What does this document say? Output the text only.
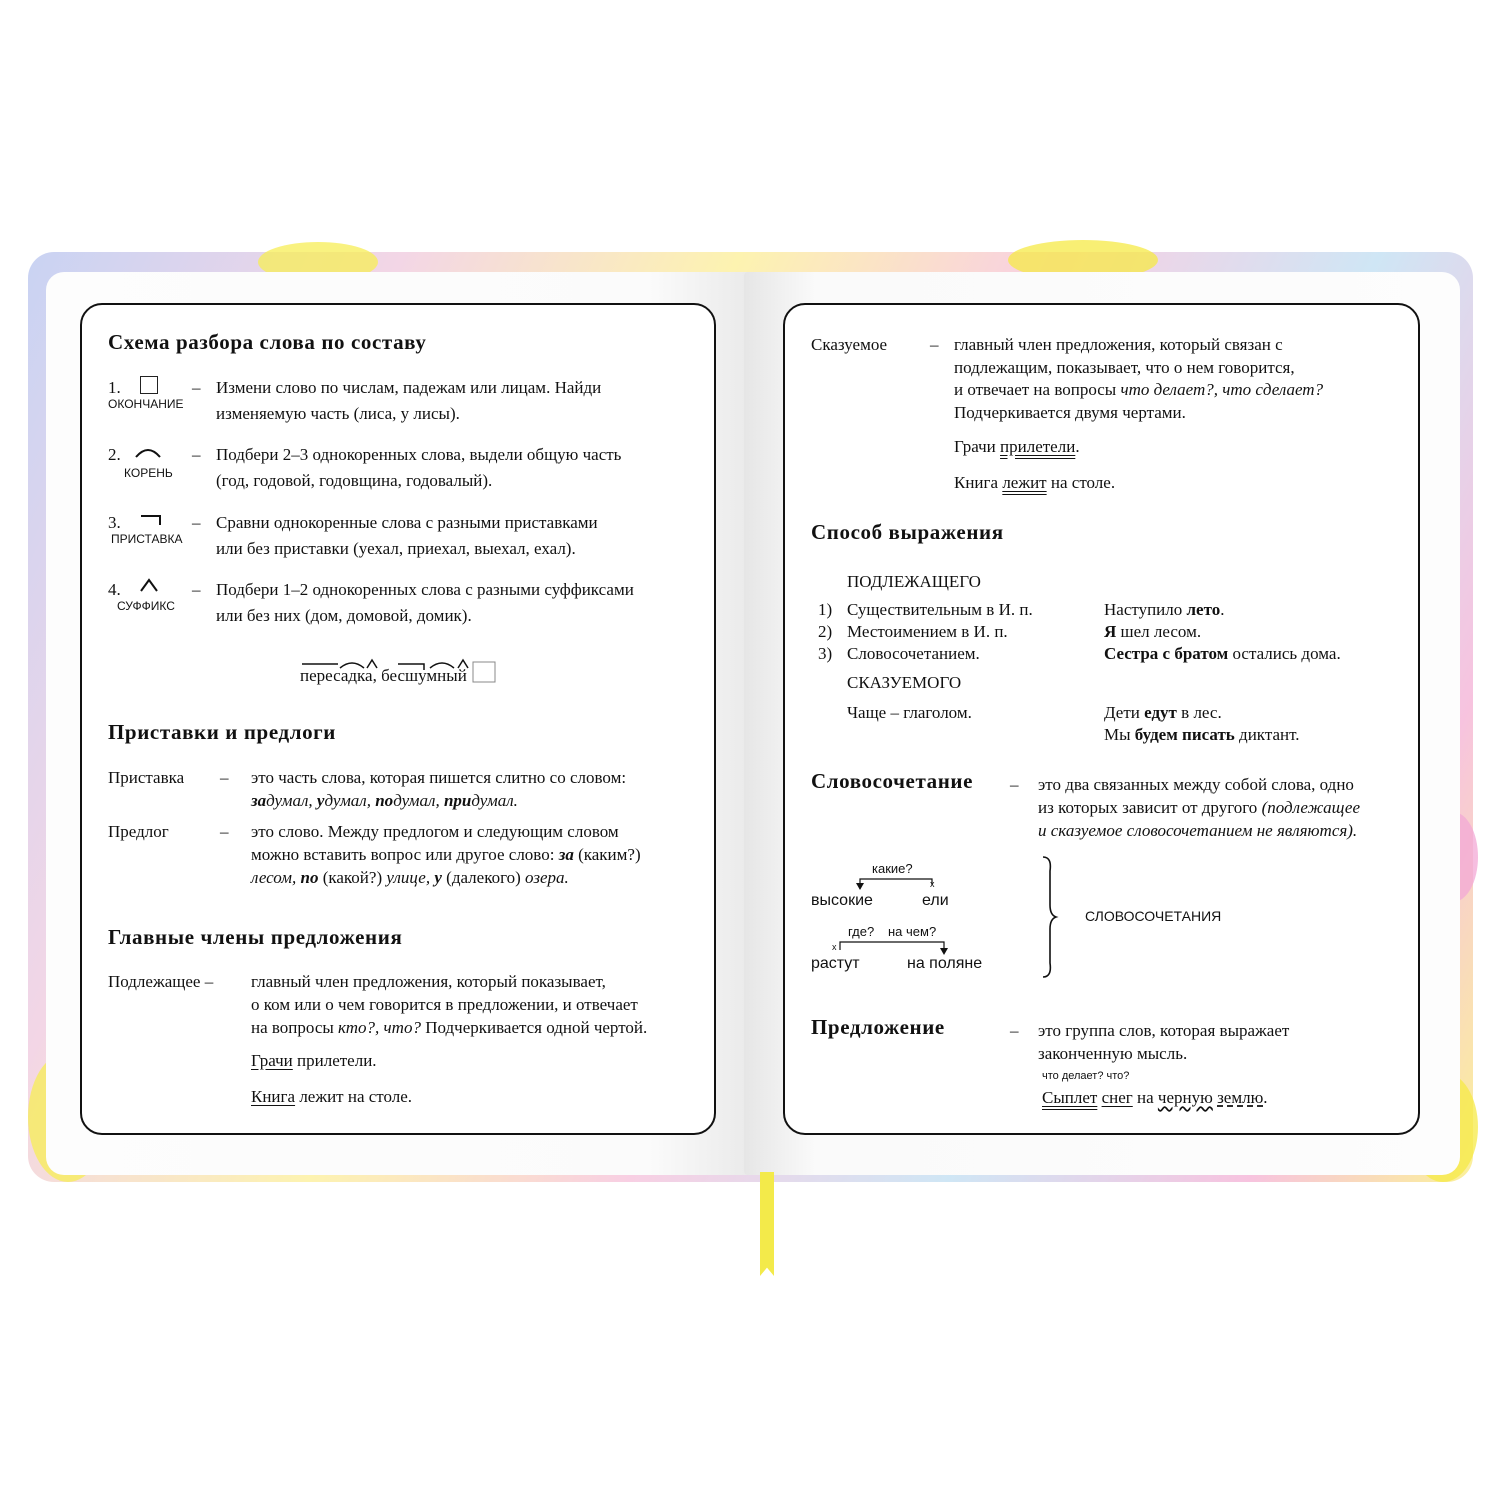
Схема разбора слова по составу
1.
ОКОНЧАНИЕ
– Измени слово по числам, падежам или лицам. Найди
изменяемую часть (лиса, у лисы).
2.
КОРЕНЬ
– Подбери 2–3 однокоренных слова, выдели общую часть
(год, годовой, годовщина, годовалый).
3.
ПРИСТАВКА
– Сравни однокоренные слова с разными приставками
или без приставки (уехал, приехал, выехал, ехал).
4.
СУФФИКС
– Подбери 1–2 однокоренных слова с разными суффиксами
или без них (дом, домовой, домик).
пересадка, бесшумный
Приставки и предлоги
Приставка – это часть слова, которая пишется слитно со словом:
задумал, удумал, подумал, придумал.
Предлог	– это слово. Между предлогом и следующим словом
можно вставить вопрос или другое слово: за (каким?)
лесом, по (какой?) улице, у (далекого) озера.
Главные члены предложения
Подлежащее – главный член предложения, который показывает,
о ком или о чем говорится в предложении, и отвечает
на вопросы кто?, что? Подчеркивается одной чертой.
Грачи прилетели.
Книга лежит на столе.
Сказуемое	– главный член предложения, который связан с
подлежащим, показывает, что о нем говорится,
и отвечает на вопросы что делает?, что сделает?
Подчеркивается двумя чертами.
Грачи прилетели.
Книга лежит на столе.
Способ выражения
ПОДЛЕЖАЩЕГО
1) Существительным в И. п.	Наступило лето.
2) Местоимением в И. п.	Я шел лесом.
3) Словосочетанием.	Сестра с братом остались дома.
СКАЗУЕМОГО
Чаще – глаголом.	Дети едут в лес.
Мы будем писать диктант.
Словосочетание – это два связанных между собой слова, одно
из которых зависит от другого (подлежащее
и сказуемое словосочетанием не являются).
какие?
x
высокие	ели
где? на чем?
x
растут	на поляне
СЛОВОСОЧЕТАНИЯ
Предложение	– это группа слов, которая выражает
законченную мысль.
что делает? что?
Сыплет снег на черную землю.
